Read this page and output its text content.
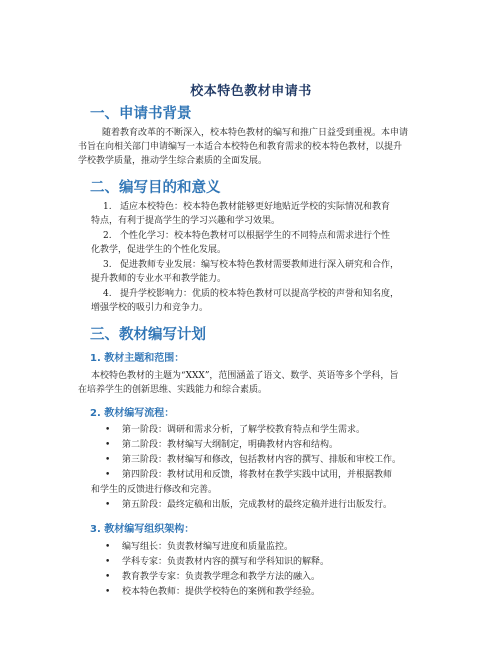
校本特色教材申请书
一、申请书背景
随着教育改革的不断深入，校本特色教材的编写和推广日益受到重视。本申请
书旨在向相关部门申请编写一本适合本校特色和教育需求的校本特色教材，以提升
学校教学质量，推动学生综合素质的全面发展。
二、编写目的和意义
1. 适应本校特色：校本特色教材能够更好地贴近学校的实际情况和教育
特点，有利于提高学生的学习兴趣和学习效果。
2. 个性化学习：校本特色教材可以根据学生的不同特点和需求进行个性
化教学，促进学生的个性化发展。
3. 促进教师专业发展：编写校本特色教材需要教师进行深入研究和合作，
提升教师的专业水平和教学能力。
4. 提升学校影响力：优质的校本特色教材可以提高学校的声誉和知名度，
增强学校的吸引力和竞争力。
三、教材编写计划
1. 教材主题和范围：
本校特色教材的主题为“XXX”，范围涵盖了语文、数学、英语等多个学科，旨
在培养学生的创新思维、实践能力和综合素质。
2. 教材编写流程：
• 第一阶段：调研和需求分析，了解学校教育特点和学生需求。
• 第二阶段：教材编写大纲制定，明确教材内容和结构。
• 第三阶段：教材编写和修改，包括教材内容的撰写、排版和审校工作。
• 第四阶段：教材试用和反馈，将教材在教学实践中试用，并根据教师
和学生的反馈进行修改和完善。
• 第五阶段：最终定稿和出版，完成教材的最终定稿并进行出版发行。
3. 教材编写组织架构：
• 编写组长：负责教材编写进度和质量监控。
• 学科专家：负责教材内容的撰写和学科知识的解释。
• 教育教学专家：负责教学理念和教学方法的融入。
• 校本特色教师：提供学校特色的案例和教学经验。
